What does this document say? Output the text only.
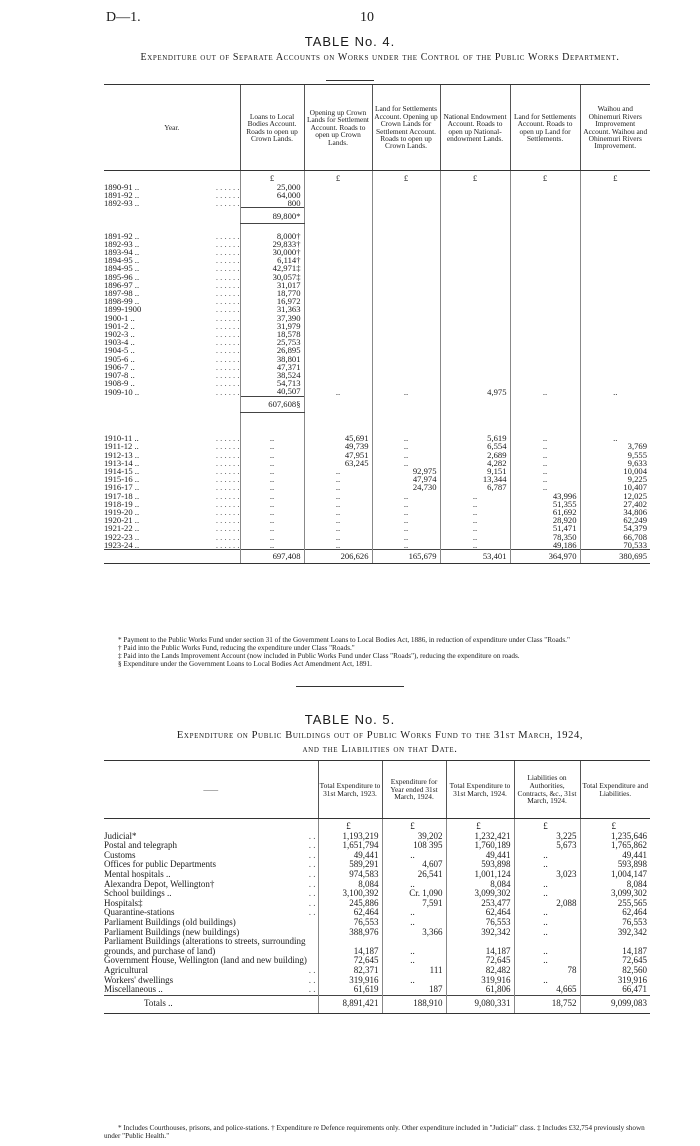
D—1.	10
TABLE No. 4.
Expenditure out of Separate Accounts on Works under the Control of the Public Works Department.
Year.	Loans to Local Bodies Account. Roads to open up Crown Lands.	Opening up Crown Lands for Settlement Account. Roads to open up Crown Lands.	Land for Settlements Account. Opening up Crown Lands for Settlement Account. Roads to open up Crown Lands.	National Endowment Account. Roads to open up National-endowment Lands.	Land for Settlements Account. Roads to open up Land for Settlements.	Waihou and Ohinemuri Rivers Improvement Account. Waihou and Ohinemuri Rivers Improvement.
	£	£	£	£	£	£

1890-91 .. . . . . . .	25,000					

1891-92 .. . . . . . .	64,000					

1892-93 .. . . . . . .	800					
	89,800*					

1891-92 .. . . . . . .	8,000†					

1892-93 .. . . . . . .	29,833†					

1893-94 .. . . . . . .	30,000†					

1894-95 .. . . . . . .	6,114†					

1894-95 .. . . . . . .	42,971‡					

1895-96 .. . . . . . .	30,057‡					

1896-97 .. . . . . . .	31,017					

1897-98 .. . . . . . .	18,770					

1898-99 .. . . . . . .	16,972					

1899-1900 . . . . . .	31,363					

1900-1 .. . . . . . .	37,390					

1901-2 .. . . . . . .	31,979					

1902-3 .. . . . . . .	18,578					

1903-4 .. . . . . . .	25,753					

1904-5 .. . . . . . .	26,895					

1905-6 .. . . . . . .	38,801					

1906-7 .. . . . . . .	47,371					

1907-8 .. . . . . . .	38,524					

1908-9 .. . . . . . .	54,713					

1909-10 .. . . . . . .	40,507	..	..	4,975	..	..
	607,608§					

1910-11 .. . . . . . .	..	45,691	..	5,619	..	..

1911-12 .. . . . . . .	..	49,739	..	6,554	..	3,769

1912-13 .. . . . . . .	..	47,951	..	2,689	..	9,555

1913-14 .. . . . . . .	..	63,245	..	4,282	..	9,633

1914-15 .. . . . . . .	..	..	92,975	9,151	..	10,004

1915-16 .. . . . . . .	..	..	47,974	13,344	..	9,225

1916-17 .. . . . . . .	..	..	24,730	6,787	..	10,407

1917-18 .. . . . . . .	..	..	..	..	43,996	12,025

1918-19 .. . . . . . .	..	..	..	..	51,355	27,402

1919-20 .. . . . . . .	..	..	..	..	61,692	34,806

1920-21 .. . . . . . .	..	..	..	..	28,920	62,249

1921-22 .. . . . . . .	..	..	..	..	51,471	54,379

1922-23 .. . . . . . .	..	..	..	..	78,350	66,708

1923-24 .. . . . . . .	..	..	..	..	49,186	70,533
	697,408	206,626	165,679	53,401	364,970	380,695

* Payment to the Public Works Fund under section 31 of the Government Loans to Local Bodies Act, 1886, in reduction of expenditure under Class "Roads."

† Paid into the Public Works Fund, reducing the expenditure under Class "Roads."

‡ Paid into the Lands Improvement Account (now included in Public Works Fund under Class "Roads"), reducing the expenditure on roads.

§ Expenditure under the Government Loans to Local Bodies Act Amendment Act, 1891.

TABLE No. 5.
Expenditure on Public Buildings out of Public Works Fund to the 31st March, 1924,
and the Liabilities on that Date.
——	Total Expenditure to 31st March, 1923.	Expenditure for Year ended 31st March, 1924.	Total Expenditure to 31st March, 1924.	Liabilities on Authorities, Contracts, &c., 31st March, 1924.	Total Expenditure and Liabilities.
	£	£	£	£	£

Judicial* . .	1,193,219	39,202	1,232,421	3,225	1,235,646

Postal and telegraph . .	1,651,794	108 395	1,760,189	5,673	1,765,862

Customs . .	49,441	..	49,441	..	49,441

Offices for public Departments . .	589,291	4,607	593,898	..	593,898

Mental hospitals .. . .	974,583	26,541	1,001,124	3,023	1,004,147

Alexandra Depot, Wellington† . .	8,084	..	8,084	..	8,084

School buildings .. . .	3,100,392	Cr. 1,090	3,099,302	..	3,099,302

Hospitals‡ . .	245,886	7,591	253,477	2,088	255,565

Quarantine-stations . .	62,464	..	62,464	..	62,464

Parliament Buildings (old buildings)	76,553	..	76,553	..	76,553

Parliament Buildings (new buildings)	388,976	3,366	392,342	..	392,342

Parliament Buildings (alterations to streets, surrounding grounds, and purchase of land)	14,187	..	14,187	..	14,187

Government House, Wellington (land and new building)	72,645	..	72,645	..	72,645

Agricultural . .	82,371	111	82,482	78	82,560

Workers' dwellings . .	319,916	..	319,916	..	319,916

Miscellaneous .. . .	61,619	187	61,806	4,665	66,471
Totals ..	8,891,421	188,910	9,080,331	18,752	9,099,083

* Includes Courthouses, prisons, and police-stations. † Expenditure re Defence requirements only. Other expenditure included in "Judicial" class. ‡ Includes £32,754 previously shown under "Public Health."
